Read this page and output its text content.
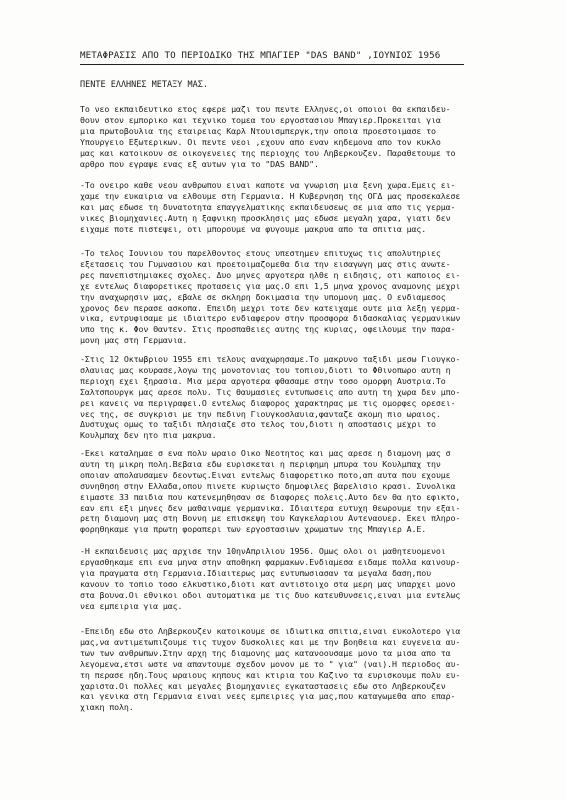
ΜΕΤΑΦΡΑΣΙΣ ΑΠΟ ΤΟ ΠΕΡΙΟΔΙΚΟ ΤΗΣ ΜΠΑΓΙΕΡ "DAS BAND" ,ΙΟΥΝΙΟΣ 1956
ΠΕΝΤΕ ΕΛΛΗΝΕΣ ΜΕΤΑΞΥ ΜΑΣ.
Το νεο εκπαιδευτικο ετος εφερε μαζι του πεντε Ελληνες,οι οποιοι θα εκπαιδευ-
θουν στον εμπορικο και τεχνικο τομεα του εργοστασιου Μπαγιερ.Προκειται για
μια πρωτοβουλια της εταιρειας Καρλ Ντουισμπεργκ,την οποια προεστοιμασε το
Υπουργειο Εξωτερικων. Οι πεντε νεοι ,εχουν απο εναν κηδεμονα απο τον κυκλο
μας και κατοικουν σε οικογενειες της περιοχης του Ληβερκουζεν. Παραθετουμε το
αρθρο που εγραψε ενας εξ αυτων για το "DAS BAND".
-Το ονειρο καθε νεου ανθρωπου ειναι καποτε να γνωριση μια ξενη χωρα.Εμεις ει-
χαμε την ευκαιρια να ελθουμε στη Γερμανια. Η Κυβερνηση της ΟΓΔ μας προσεκαλεσε
και μας εδωσε τη δυνατοτητα επαγγελματικης εκπαιδευσεως σε μια απο τις γερμα-
νικες βιομηχανιες.Αυτη η ξαφνικη προσκλησις μας εδωσε μεγαλη χαρα, γιατι δεν
ειχαμε ποτε πιστεψει, οτι μπορουμε να φυγουμε μακρυα απο τα σπιτια μας.
-Το τελος Ιουνιου του παρελθοντος ετους υπεστημεν επιτυχως τις απολυτηριες
εξετασεις του Γυμνασιου και προετοιμαζομεθα δια την εισαγωγη μας στις ανωτε-
ρες πανεπιστημιακες σχολες. Δυο μηνες αργοτερα ηλθε η ειδησις, οτι καποιος ει-
χε εντελως διαφορετικες προτασεις για μας.Ο επι 1,5 μηνα χρονος αναμονης μεχρι
την αναχωρησιν μας, εβαλε σε σκληρη δοκιμασια την υπομονη μας. Ο ενδιαμεσος
χρονος δεν περασε ασκοπα. Επειδη μεχρι τοτε δεν κατειχαμε ουτε μια λεξη γερμα-
νικα, εντρυφισαμε με ιδιαιτερο ενδιαφερον στην προσφορα διδασκαλιας γερμανικων
υπο της κ. Φον Θαντεν. Στις προσπαθειες αυτης της κυριας, οφειλουμε την παρα-
μονη μας στη Γερμανια.
-Στις 12 Οκτωβριου 1955 επι τελους αναχωρησαμε.Το μακρυνο ταξιδι μεσω Γιουγκο-
σλαυιας μας κουρασε,λογω της μονοτονιας του τοπιου,διοτι το Φθινοπωρο αυτη η
περιοχη εχει ξηρασια. Μια μερα αργοτερα φθασαμε στην τοσο ομορφη Αυστρια.Το
Σαλτσπουργκ μας αρεσε πολυ. Τις θαυμασιες εντυπωσεις απο αυτη τη χωρα δεν μπο-
ρει κανεις να περιγραφει.Ο εντελως διαφορος χαρακτηρας με τις ομορφες ορεσει-
νες της, σε συγκρισι με την πεδινη Γιουγκοσλαυια,φανταζε ακομη πιο ωραιος.
Δυστυχως ομως το ταξιδι πλησιαζε στο τελος του,διοτι η αποστασις μεχρι το
Κουλμπαχ δεν ητο πια μακρυα.
-Εκει καταλημαε σ ενα πολυ ωραιο Οικο Νεοτητος και μας αρεσε η διαμονη μας σ
αυτη τη μικρη πολη.Βεβαια εδω ευρισκεται η περιφημη μπυρα του Κουλμπαχ την
οποιαν απολαυσαμεν δεοντως.Ειναι εντελως διαφορετικο ποτο,απ αυτα που εχουμε
συνηθηση στην Ελλαδα,οπου πινετε κυριωςτο δημοφιλες βαρελισιο κρασι. Συνολικα
ειμαστε 33 παιδια που κατενεμηθησαν σε διαφορες πολεις.Αυτο δεν θα ητο εφικτο,
εαν επι εξι μηνες δεν μαθαιναμε γερμανικα. Ιδιαιτερα ευτυχη θεωρουμε την εξαι-
ρετη διαμονη μας στη Βοννη με επισκεψη του Καγκελαριου Αντεναουερ. Εκει πληρο-
φορηθηκαμε για πρωτη φοραπερι των εργοστασιων χρωματων της Μπαγιερ Α.Ε.
-Η εκπαιδευσις μας αρχισε την 10ηνΑπριλιου 1956. Ομως ολοι οι μαθητευομενοι
εργασθηκαμε επι ενα μηνα στην αποθηκη φαρμακων.Ενδιαμεσα ειδαμε πολλα καινουρ-
για πραγματα στη Γερμανια.Ιδιαιτερως μας εντυπωσιασαν τα μεγαλα δαση,που
κανουν το τοπιο τοσο ελκυστικο,διοτι κατ αντιστοιχο στα μερη μας υπαρχει μονο
στα βουνα.Οι εθνικοι οδοι αυτοματικα με τις δυο κατευθυνσεις,ειναι μια εντελως
νεα εμπειρια για μας.
-Επειδη εδω στο Ληβερκουζεν κατοικουμε σε ιδιωτικα σπιτια,ειναι ευκολοτερο για
μας,να αντιμετωπιζουμε τις τυχον δυσκολιες και με την βοηθεια και ευγενεια αυ-
των των ανθρωπων.Στην αρχη της διαμονης μας κατανοουσαμε μονο τα μισα απο τα
λεγομενα,ετσι ωστε να απαντουμε σχεδον μονον με το " για" (ναι).Η περιοδος αυ-
τη περασε ηδη.Τους ωραιους κηπους και κτιρια του Καζινο τα ευρισκουμε πολυ ευ-
χαριστα.Οι πολλες και μεγαλες βιομηχανιες εγκαταστασεις εδω στο Ληβερκουζεν
και γενικα στη Γερμανια ειναι νεες εμπειριες για μας,που καταγωμεθα απο επαρ-
χιακη πολη.
